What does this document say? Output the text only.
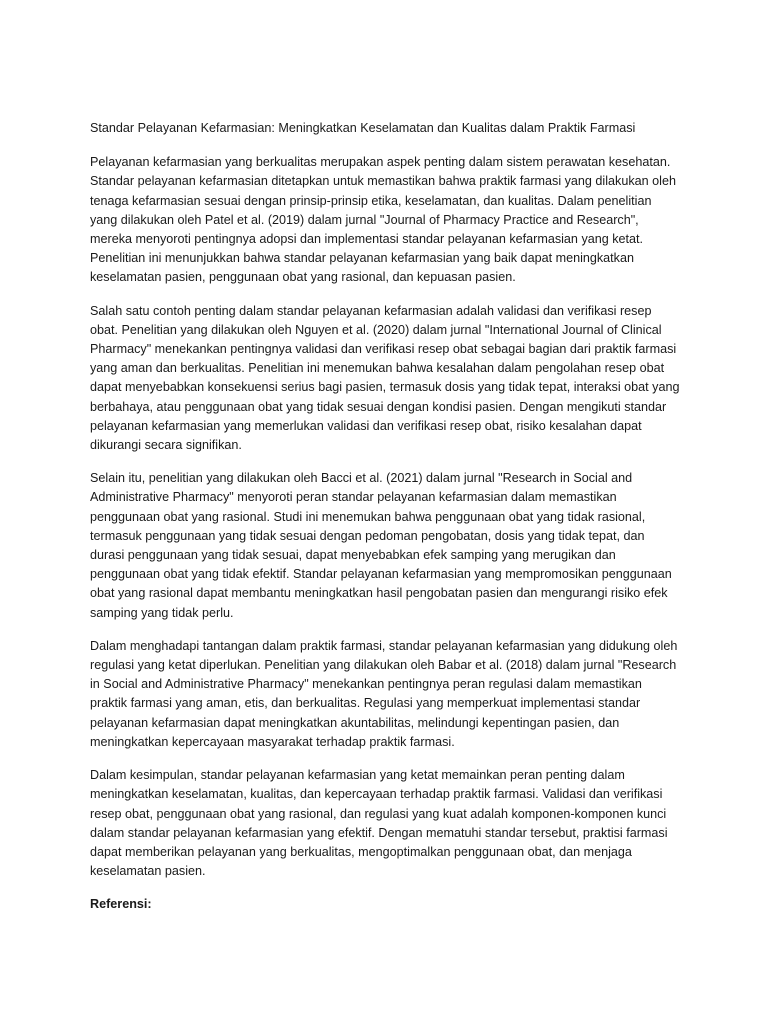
Standar Pelayanan Kefarmasian: Meningkatkan Keselamatan dan Kualitas dalam Praktik Farmasi

Pelayanan kefarmasian yang berkualitas merupakan aspek penting dalam sistem perawatan kesehatan.
Standar pelayanan kefarmasian ditetapkan untuk memastikan bahwa praktik farmasi yang dilakukan oleh
tenaga kefarmasian sesuai dengan prinsip-prinsip etika, keselamatan, dan kualitas. Dalam penelitian
yang dilakukan oleh Patel et al. (2019) dalam jurnal "Journal of Pharmacy Practice and Research",
mereka menyoroti pentingnya adopsi dan implementasi standar pelayanan kefarmasian yang ketat.
Penelitian ini menunjukkan bahwa standar pelayanan kefarmasian yang baik dapat meningkatkan
keselamatan pasien, penggunaan obat yang rasional, dan kepuasan pasien.

Salah satu contoh penting dalam standar pelayanan kefarmasian adalah validasi dan verifikasi resep
obat. Penelitian yang dilakukan oleh Nguyen et al. (2020) dalam jurnal "International Journal of Clinical
Pharmacy" menekankan pentingnya validasi dan verifikasi resep obat sebagai bagian dari praktik farmasi
yang aman dan berkualitas. Penelitian ini menemukan bahwa kesalahan dalam pengolahan resep obat
dapat menyebabkan konsekuensi serius bagi pasien, termasuk dosis yang tidak tepat, interaksi obat yang
berbahaya, atau penggunaan obat yang tidak sesuai dengan kondisi pasien. Dengan mengikuti standar
pelayanan kefarmasian yang memerlukan validasi dan verifikasi resep obat, risiko kesalahan dapat
dikurangi secara signifikan.

Selain itu, penelitian yang dilakukan oleh Bacci et al. (2021) dalam jurnal "Research in Social and
Administrative Pharmacy" menyoroti peran standar pelayanan kefarmasian dalam memastikan
penggunaan obat yang rasional. Studi ini menemukan bahwa penggunaan obat yang tidak rasional,
termasuk penggunaan yang tidak sesuai dengan pedoman pengobatan, dosis yang tidak tepat, dan
durasi penggunaan yang tidak sesuai, dapat menyebabkan efek samping yang merugikan dan
penggunaan obat yang tidak efektif. Standar pelayanan kefarmasian yang mempromosikan penggunaan
obat yang rasional dapat membantu meningkatkan hasil pengobatan pasien dan mengurangi risiko efek
samping yang tidak perlu.

Dalam menghadapi tantangan dalam praktik farmasi, standar pelayanan kefarmasian yang didukung oleh
regulasi yang ketat diperlukan. Penelitian yang dilakukan oleh Babar et al. (2018) dalam jurnal "Research
in Social and Administrative Pharmacy" menekankan pentingnya peran regulasi dalam memastikan
praktik farmasi yang aman, etis, dan berkualitas. Regulasi yang memperkuat implementasi standar
pelayanan kefarmasian dapat meningkatkan akuntabilitas, melindungi kepentingan pasien, dan
meningkatkan kepercayaan masyarakat terhadap praktik farmasi.

Dalam kesimpulan, standar pelayanan kefarmasian yang ketat memainkan peran penting dalam
meningkatkan keselamatan, kualitas, dan kepercayaan terhadap praktik farmasi. Validasi dan verifikasi
resep obat, penggunaan obat yang rasional, dan regulasi yang kuat adalah komponen-komponen kunci
dalam standar pelayanan kefarmasian yang efektif. Dengan mematuhi standar tersebut, praktisi farmasi
dapat memberikan pelayanan yang berkualitas, mengoptimalkan penggunaan obat, dan menjaga
keselamatan pasien.

Referensi:
